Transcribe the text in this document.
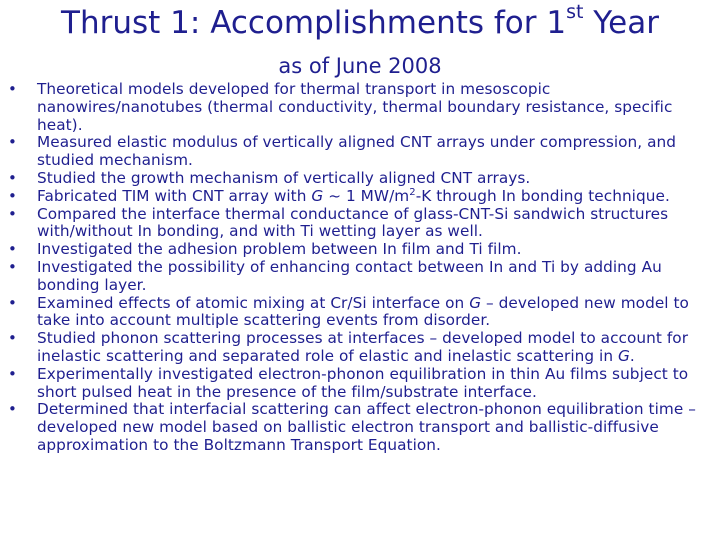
Thrust 1: Accomplishments for 1st Year
as of June 2008
• Theoretical models developed for thermal transport in mesoscopic nanowires/nanotubes (thermal conductivity, thermal boundary resistance, specific heat).
• Measured elastic modulus of vertically aligned CNT arrays under compression, and studied mechanism.
• Studied the growth mechanism of vertically aligned CNT arrays.
• Fabricated TIM with CNT array with G ~ 1 $MW/m^2-K$ through In bonding technique.
• Compared the interface thermal conductance of glass-CNT-Si sandwich structures with/without In bonding, and with Ti wetting layer as well.
• Investigated the adhesion problem between In film and Ti film.
• Investigated the possibility of enhancing contact between In and Ti by adding Au bonding layer.
• Examined effects of atomic mixing at Cr/Si interface on G – developed new model to take into account multiple scattering events from disorder.
• Studied phonon scattering processes at interfaces – developed model to account for inelastic scattering and separated role of elastic and inelastic scattering in G.
• Experimentally investigated electron-phonon equilibration in thin Au films subject to short pulsed heat in the presence of the film/substrate interface.
• Determined that interfacial scattering can affect electron-phonon equilibration time – developed new model based on ballistic electron transport and ballistic-diffusive approximation to the Boltzmann Transport Equation.
